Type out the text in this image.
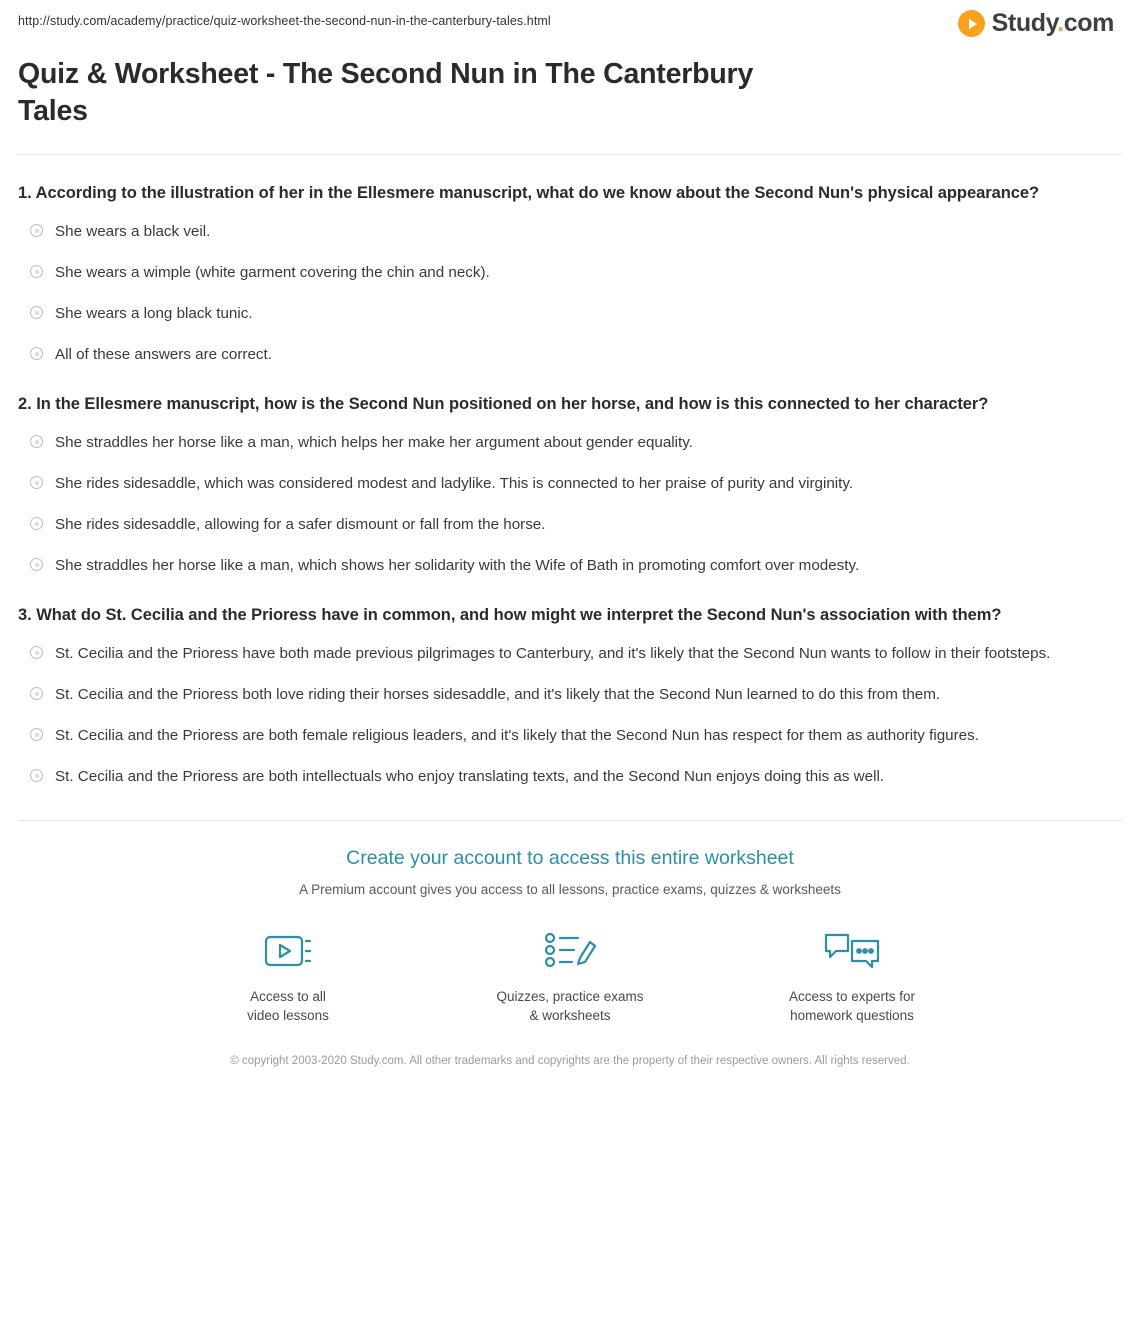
http://study.com/academy/practice/quiz-worksheet-the-second-nun-in-the-canterbury-tales.html	Study.com
Quiz & Worksheet - The Second Nun in The Canterbury Tales

1. According to the illustration of her in the Ellesmere manuscript, what do we know about the Second Nun's physical appearance?

She wears a black veil.
She wears a wimple (white garment covering the chin and neck).
She wears a long black tunic.
All of these answers are correct.

2. In the Ellesmere manuscript, how is the Second Nun positioned on her horse, and how is this connected to her character?

She straddles her horse like a man, which helps her make her argument about gender equality.
She rides sidesaddle, which was considered modest and ladylike. This is connected to her praise of purity and virginity.
She rides sidesaddle, allowing for a safer dismount or fall from the horse.
She straddles her horse like a man, which shows her solidarity with the Wife of Bath in promoting comfort over modesty.

3. What do St. Cecilia and the Prioress have in common, and how might we interpret the Second Nun's association with them?

St. Cecilia and the Prioress have both made previous pilgrimages to Canterbury, and it's likely that the Second Nun wants to follow in their footsteps.
St. Cecilia and the Prioress both love riding their horses sidesaddle, and it's likely that the Second Nun learned to do this from them.
St. Cecilia and the Prioress are both female religious leaders, and it's likely that the Second Nun has respect for them as authority figures.
St. Cecilia and the Prioress are both intellectuals who enjoy translating texts, and the Second Nun enjoys doing this as well.

Create your account to access this entire worksheet

A Premium account gives you access to all lessons, practice exams, quizzes & worksheets

Access to all
video lessons
Quizzes, practice exams
& worksheets
Access to experts for
homework questions
© copyright 2003-2020 Study.com. All other trademarks and copyrights are the property of their respective owners. All rights reserved.
